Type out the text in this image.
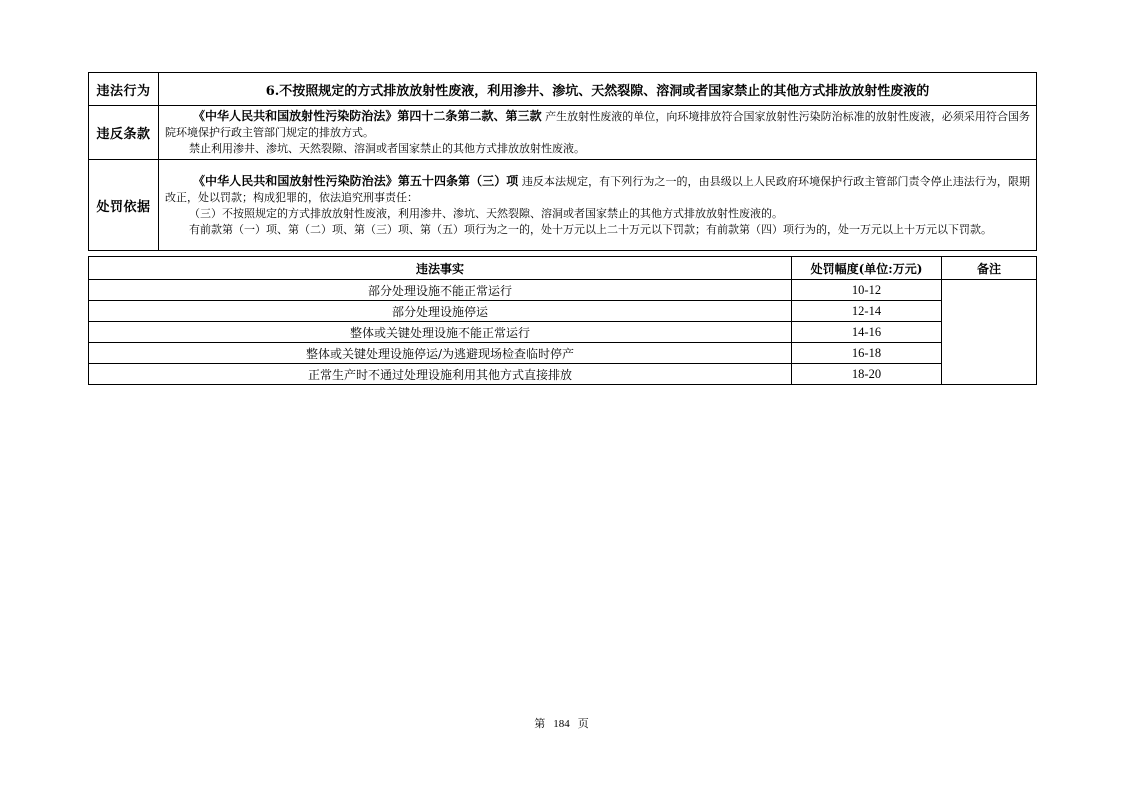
违法行为	6.不按照规定的方式排放放射性废液，利用渗井、渗坑、天然裂隙、溶洞或者国家禁止的其他方式排放放射性废液的
违反条款	《中华人民共和国放射性污染防治法》第四十二条第二款、第三款 产生放射性废液的单位，向环境排放符合国家放射性污染防治标准的放射性废液，必须采用符合国务院环境保护行政主管部门规定的排放方式。
禁止利用渗井、渗坑、天然裂隙、溶洞或者国家禁止的其他方式排放放射性废液。

处罚依据	《中华人民共和国放射性污染防治法》第五十四条第（三）项 违反本法规定，有下列行为之一的，由县级以上人民政府环境保护行政主管部门责令停止违法行为，限期改正，处以罚款；构成犯罪的，依法追究刑事责任：
（三）不按照规定的方式排放放射性废液，利用渗井、渗坑、天然裂隙、溶洞或者国家禁止的其他方式排放放射性废液的。
有前款第（一）项、第（二）项、第（三）项、第（五）项行为之一的，处十万元以上二十万元以下罚款；有前款第（四）项行为的，处一万元以上十万元以下罚款。
违法事实	处罚幅度(单位:万元)	备注
部分处理设施不能正常运行	10-12	
部分处理设施停运	12-14	
整体或关键处理设施不能正常运行	14-16	
整体或关键处理设施停运/为逃避现场检查临时停产	16-18	
正常生产时不通过处理设施利用其他方式直接排放	18-20	
第 184 页
